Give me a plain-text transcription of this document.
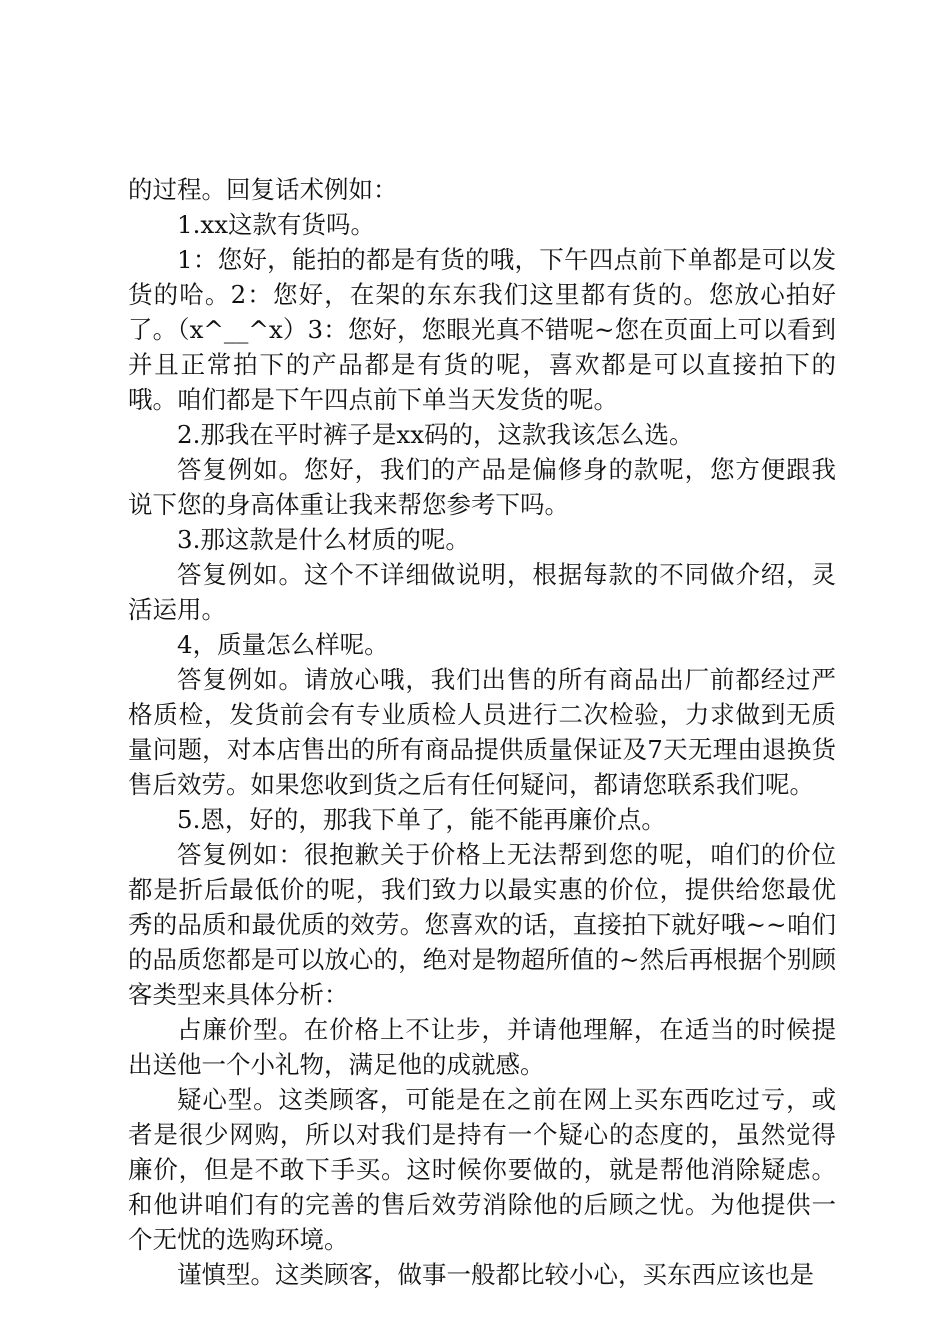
的过程。回复话术例如：

1.xx这款有货吗。

1：您好，能拍的都是有货的哦，下午四点前下单都是可以发货的哈。2：您好，在架的东东我们这里都有货的。您放心拍好了。（x^__^x）3：您好，您眼光真不错呢~您在页面上可以看到并且正常拍下的产品都是有货的呢，喜欢都是可以直接拍下的哦。咱们都是下午四点前下单当天发货的呢。

2.那我在平时裤子是xx码的，这款我该怎么选。

答复例如。您好，我们的产品是偏修身的款呢，您方便跟我说下您的身高体重让我来帮您参考下吗。

3.那这款是什么材质的呢。

答复例如。这个不详细做说明，根据每款的不同做介绍，灵活运用。

4，质量怎么样呢。

答复例如。请放心哦，我们出售的所有商品出厂前都经过严格质检，发货前会有专业质检人员进行二次检验，力求做到无质量问题，对本店售出的所有商品提供质量保证及7天无理由退换货售后效劳。如果您收到货之后有任何疑问，都请您联系我们呢。

5.恩，好的，那我下单了，能不能再廉价点。

答复例如：很抱歉关于价格上无法帮到您的呢，咱们的价位都是折后最低价的呢，我们致力以最实惠的价位，提供给您最优秀的品质和最优质的效劳。您喜欢的话，直接拍下就好哦~~咱们的品质您都是可以放心的，绝对是物超所值的~然后再根据个别顾客类型来具体分析：

占廉价型。在价格上不让步，并请他理解，在适当的时候提出送他一个小礼物，满足他的成就感。

疑心型。这类顾客，可能是在之前在网上买东西吃过亏，或者是很少网购，所以对我们是持有一个疑心的态度的，虽然觉得廉价，但是不敢下手买。这时候你要做的，就是帮他消除疑虑。和他讲咱们有的完善的售后效劳消除他的后顾之忧。为他提供一个无忧的选购环境。

谨慎型。这类顾客，做事一般都比较小心，买东西应该也是
